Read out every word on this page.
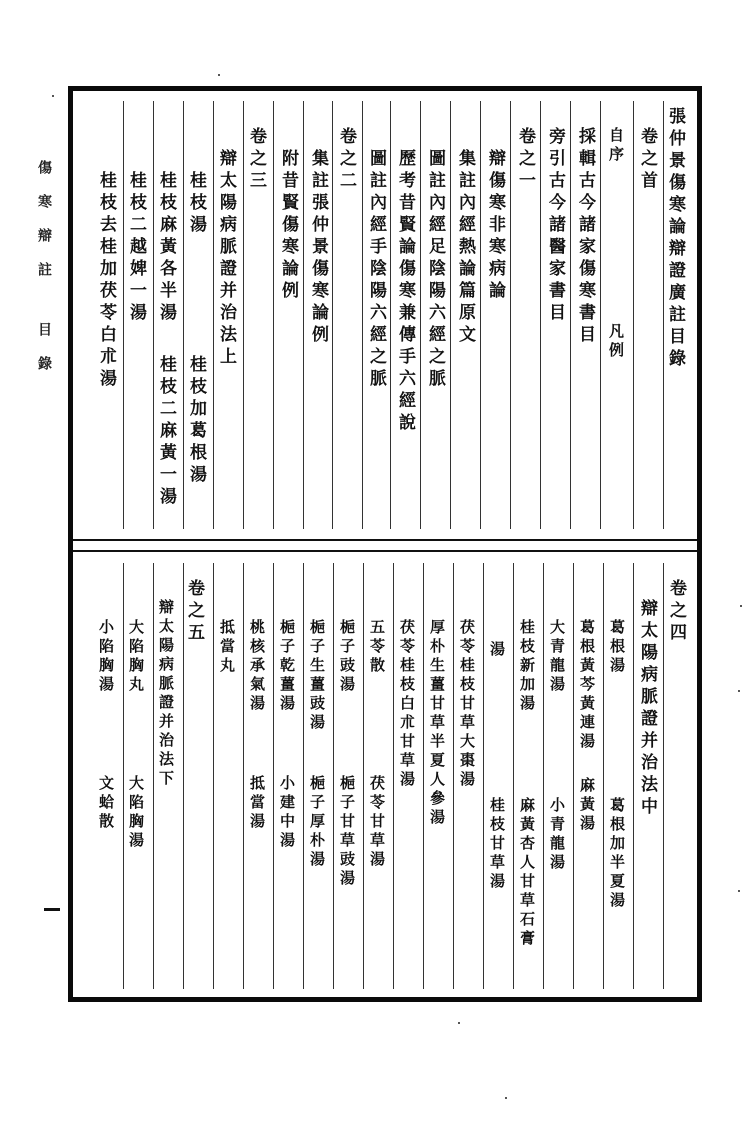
傷寒辯註目錄	張仲景傷寒論辯證廣註目錄
卷之首
自序
凡例
採輯古今諸家傷寒書目
旁引古今諸醫家書目
卷之一
辯傷寒非寒病論
集註內經熱論篇原文
圖註內經足陰陽六經之脈
歷考昔賢論傷寒兼傳手六經說
圖註內經手陰陽六經之脈
卷之二
集註張仲景傷寒論例
附昔賢傷寒論例
卷之三
辯太陽病脈證并治法上
桂枝湯
桂枝加葛根湯
桂枝麻黃各半湯
桂枝二麻黃一湯
桂枝二越婢一湯
桂枝去桂加茯苓白朮湯
卷之四
辯太陽病脈證并治法中
葛根湯
葛根加半夏湯
葛根黃芩黃連湯
麻黃湯
大青龍湯
小青龍湯
桂枝新加湯
麻黃杏人甘草石膏
湯
桂枝甘草湯
茯苓桂枝甘草大棗湯
厚朴生薑甘草半夏人參湯
茯苓桂枝白朮甘草湯
五苓散
茯苓甘草湯
梔子豉湯
梔子甘草豉湯
梔子生薑豉湯
梔子厚朴湯
梔子乾薑湯
小建中湯
桃核承氣湯
抵當湯
抵當丸
卷之五
辯太陽病脈證并治法下
大陷胸丸
大陷胸湯
小陷胸湯
文蛤散
